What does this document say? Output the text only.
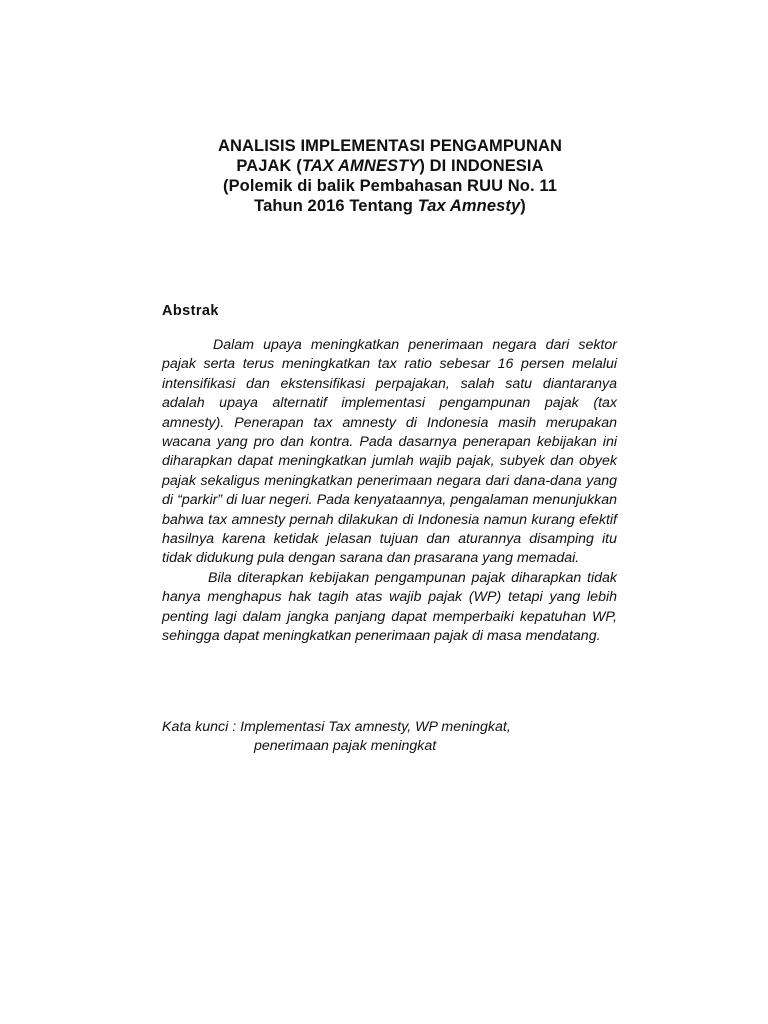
ANALISIS IMPLEMENTASI PENGAMPUNAN
PAJAK (TAX AMNESTY) DI INDONESIA
(Polemik di balik Pembahasan RUU No. 11
Tahun 2016 Tentang Tax Amnesty)
Abstrak

Dalam upaya meningkatkan penerimaan negara dari sektor pajak serta terus meningkatkan tax ratio sebesar 16 persen melalui intensifikasi dan ekstensifikasi perpajakan, salah satu diantaranya adalah upaya alternatif implementasi pengampunan pajak (tax amnesty). Penerapan tax amnesty di Indonesia masih merupakan wacana yang pro dan kontra. Pada dasarnya penerapan kebijakan ini diharapkan dapat meningkatkan jumlah wajib pajak, subyek dan obyek pajak sekaligus meningkatkan penerimaan negara dari dana-dana yang di “parkir” di luar negeri. Pada kenyataannya, pengalaman menunjukkan bahwa tax amnesty pernah dilakukan di Indonesia namun kurang efektif hasilnya karena ketidak jelasan tujuan dan aturannya disamping itu tidak didukung pula dengan sarana dan prasarana yang memadai.

Bila diterapkan kebijakan pengampunan pajak diharapkan tidak hanya menghapus hak tagih atas wajib pajak (WP) tetapi yang lebih penting lagi dalam jangka panjang dapat memperbaiki kepatuhan WP, sehingga dapat meningkatkan penerimaan pajak di masa mendatang.

Kata kunci : Implementasi Tax amnesty, WP meningkat,
penerimaan pajak meningkat
